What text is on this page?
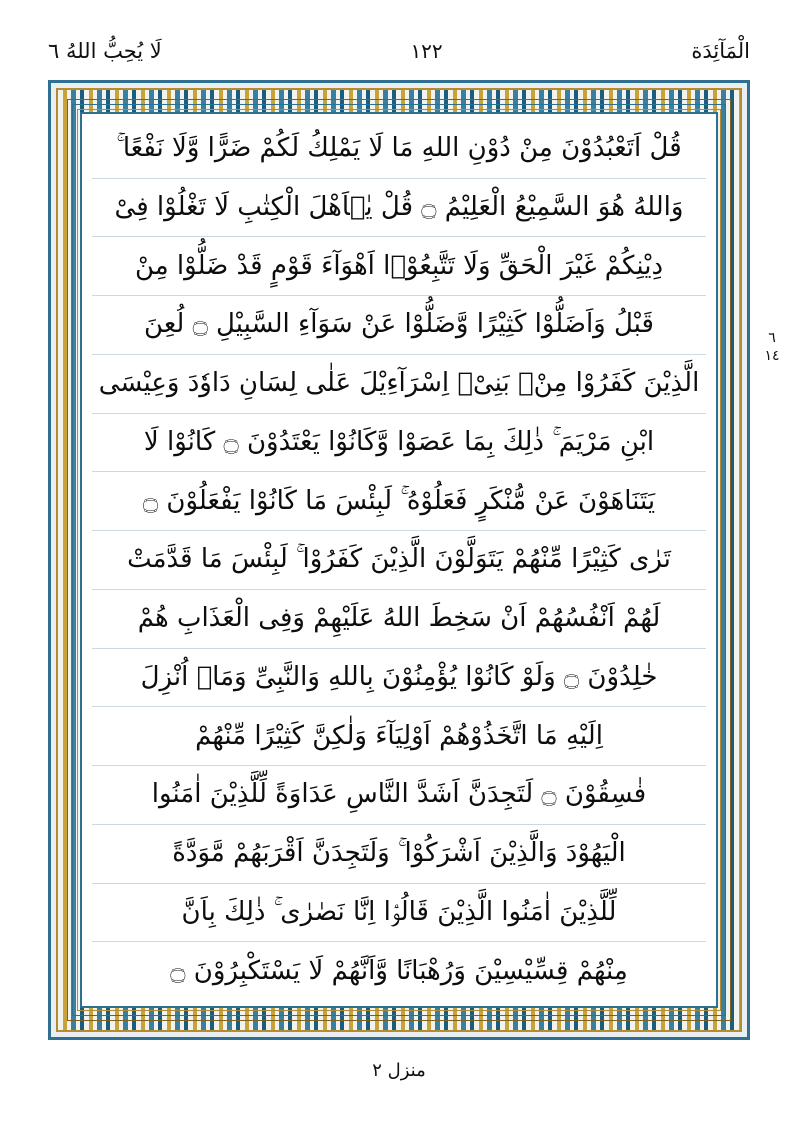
الْمَآئِدَة
١٢٢
لَا يُحِبُّ اللهُ ٦
قُلْ اَتَعْبُدُوْنَ مِنْ دُوْنِ اللهِ مَا لَا يَمْلِكُ لَكُمْ ضَرًّا وَّلَا نَفْعًا ۚ
وَاللهُ هُوَ السَّمِيْعُ الْعَلِيْمُ ۝ قُلْ يٰۤاَهْلَ الْكِتٰبِ لَا تَغْلُوْا فِىْ
دِيْنِكُمْ غَيْرَ الْحَقِّ وَلَا تَتَّبِعُوْۤا اَهْوَآءَ قَوْمٍ قَدْ ضَلُّوْا مِنْ
قَبْلُ وَاَضَلُّوْا كَثِيْرًا وَّضَلُّوْا عَنْ سَوَآءِ السَّبِيْلِ ۝ لُعِنَ
الَّذِيْنَ كَفَرُوْا مِنْۢ بَنِىْۤ اِسْرَآءِيْلَ عَلٰى لِسَانِ دَاوٗدَ وَعِيْسَى
ابْنِ مَرْيَمَ ۚ ذٰلِكَ بِمَا عَصَوْا وَّكَانُوْا يَعْتَدُوْنَ ۝ كَانُوْا لَا
يَتَنَاهَوْنَ عَنْ مُّنْكَرٍ فَعَلُوْهُ ۚ لَبِئْسَ مَا كَانُوْا يَفْعَلُوْنَ ۝
تَرٰى كَثِيْرًا مِّنْهُمْ يَتَوَلَّوْنَ الَّذِيْنَ كَفَرُوْا ۚ لَبِئْسَ مَا قَدَّمَتْ
لَهُمْ اَنْفُسُهُمْ اَنْ سَخِطَ اللهُ عَلَيْهِمْ وَفِى الْعَذَابِ هُمْ
خٰلِدُوْنَ ۝ وَلَوْ كَانُوْا يُؤْمِنُوْنَ بِاللهِ وَالنَّبِىِّ وَمَاۤ اُنْزِلَ
اِلَيْهِ مَا اتَّخَذُوْهُمْ اَوْلِيَآءَ وَلٰكِنَّ كَثِيْرًا مِّنْهُمْ
فٰسِقُوْنَ ۝ لَتَجِدَنَّ اَشَدَّ النَّاسِ عَدَاوَةً لِّلَّذِيْنَ اٰمَنُوا
الْيَهُوْدَ وَالَّذِيْنَ اَشْرَكُوْا ۚ وَلَتَجِدَنَّ اَقْرَبَهُمْ مَّوَدَّةً
لِّلَّذِيْنَ اٰمَنُوا الَّذِيْنَ قَالُوْۤا اِنَّا نَصٰرٰى ۚ ذٰلِكَ بِاَنَّ
مِنْهُمْ قِسِّيْسِيْنَ وَرُهْبَانًا وَّاَنَّهُمْ لَا يَسْتَكْبِرُوْنَ ۝
٦
١٤
منزل ٢
